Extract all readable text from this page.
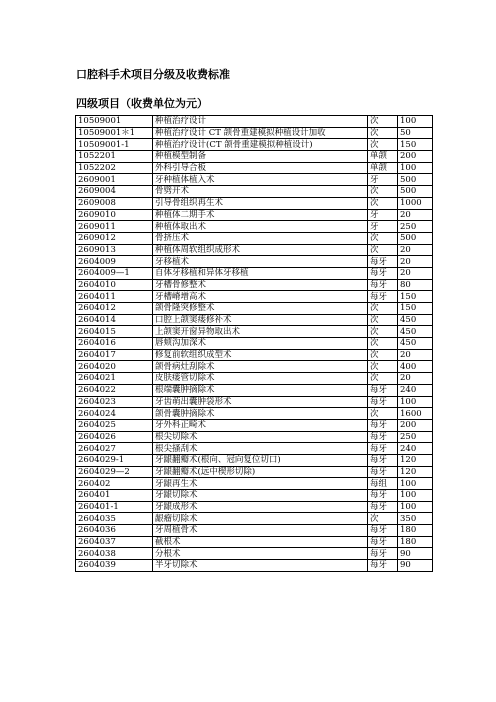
口腔科手术项目分级及收费标准
四级项目（收费单位为元）
10509001	种植治疗设计	次	100
10509001＊1	种植治疗设计 CT 颌骨重建模拟种植设计加收	次	50
10509001-1	种植治疗设计(CT 颌骨重建模拟种植设计)	次	150
1052201	种植模型制备	单颌	200
1052202	外科引导合板	单颌	100
2609001	牙种植体植入术	牙	500
2609004	骨劈开术	次	500
2609008	引导骨组织再生术	次	1000
2609010	种植体二期手术	牙	20
2609011	种植体取出术	牙	250
2609012	骨挤压术	次	500
2609013	种植体周软组织成形术	次	20
2604009	牙移植术	每牙	20
2604009—1	自体牙移植和异体牙移植	每牙	20
2604010	牙槽骨修整术	每牙	80
2604011	牙槽嵴增高术	每牙	150
2604012	颌骨隆突修整术	次	150
2604014	口腔上颌窦瘘修补术	次	450
2604015	上颌窦开窗异物取出术	次	450
2604016	唇颊沟加深术	次	450
2604017	修复前软组织成型术	次	20
2604020	颌骨病灶刮除术	次	400
2604021	皮肤瘘管切除术	次	20
2604022	根端囊肿摘除术	每牙	240
2604023	牙齿萌出囊肿袋形术	每牙	100
2604024	颌骨囊肿摘除术	次	1600
2604025	牙外科正畸术	每牙	200
2604026	根尖切除术	每牙	250
2604027	根尖搔刮术	每牙	240
2604029-1	牙龈翻瓣术(根向、冠向复位切口)	每牙	120
2604029—2	牙龈翻瓣术(远中楔形切除)	每牙	120
260402	牙龈再生术	每组	100
260401	牙龈切除术	每牙	100
260401-1	牙龈成形术	每牙	100
2604035	龈瘤切除术	次	350
2604036	牙周植骨术	每牙	180
2604037	截根术	每牙	180
2604038	分根术	每牙	90
2604039	半牙切除术	每牙	90
